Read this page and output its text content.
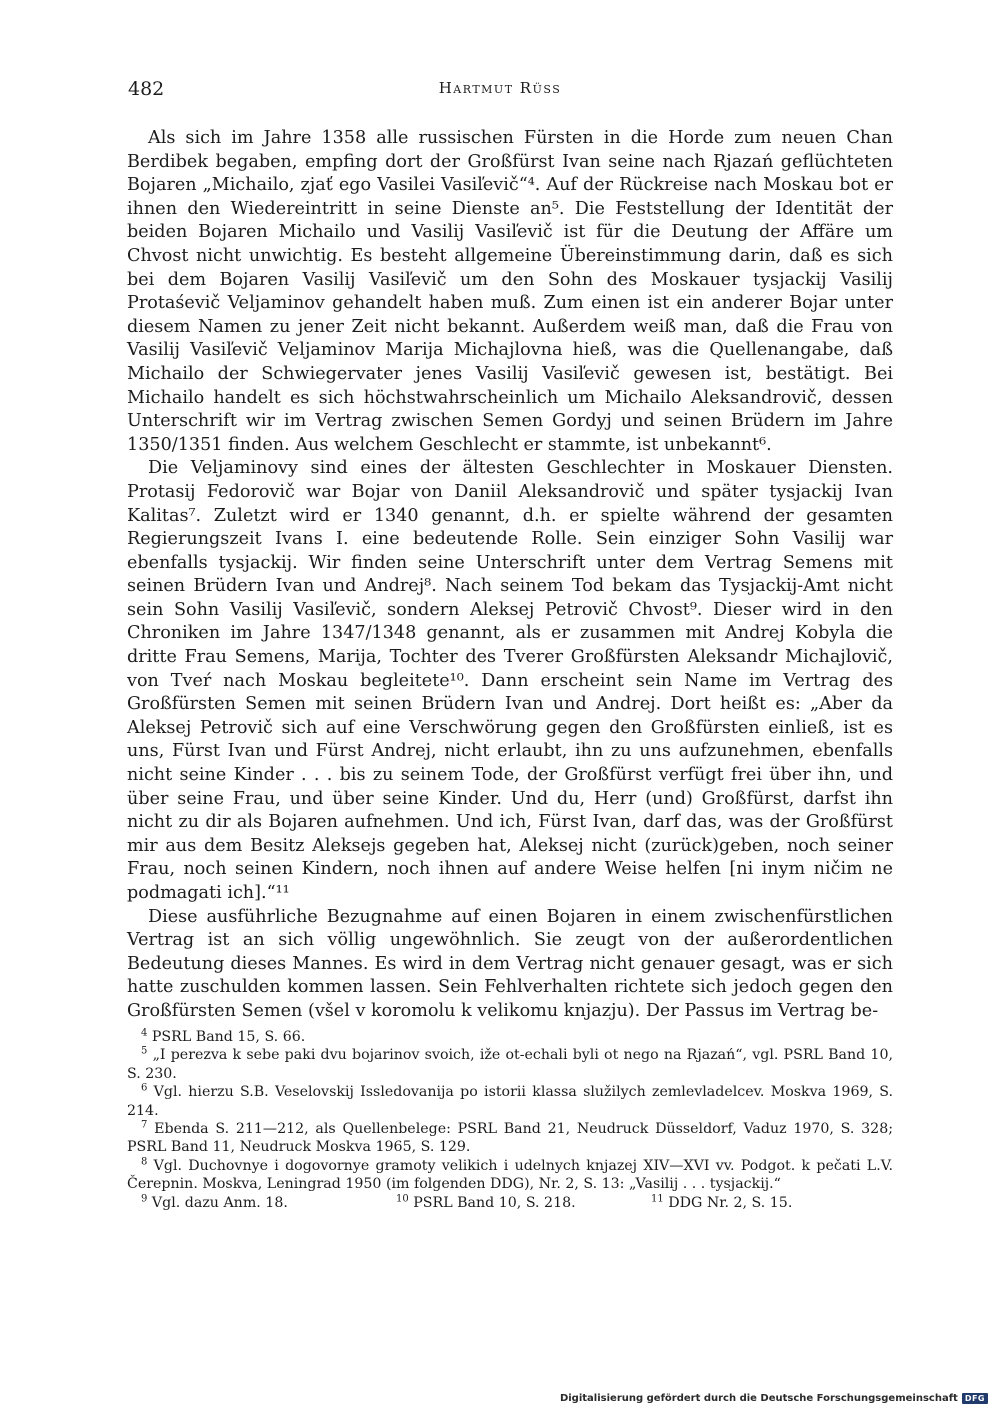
482	Hartmut Rüss

Als sich im Jahre 1358 alle russischen Fürsten in die Horde zum neuen Chan Berdibek begaben, empfing dort der Großfürst Ivan seine nach Rjazań geflüchteten Bojaren „Michailo, zjať ego Vasilei Vasiľevič“⁴. Auf der Rückreise nach Moskau bot er ihnen den Wiedereintritt in seine Dienste an⁵. Die Feststellung der Identität der beiden Bojaren Michailo und Vasilij Vasiľevič ist für die Deutung der Affäre um Chvost nicht unwichtig. Es besteht allgemeine Übereinstimmung darin, daß es sich bei dem Bojaren Vasilij Vasiľevič um den Sohn des Moskauer tysjackij Vasilij Protaśevič Veljaminov gehandelt haben muß. Zum einen ist ein anderer Bojar unter diesem Namen zu jener Zeit nicht bekannt. Außerdem weiß man, daß die Frau von Vasilij Vasiľevič Veljaminov Marija Michajlovna hieß, was die Quellenangabe, daß Michailo der Schwiegervater jenes Vasilij Vasiľevič gewesen ist, bestätigt. Bei Michailo handelt es sich höchstwahrscheinlich um Michailo Aleksandrovič, dessen Unterschrift wir im Vertrag zwischen Semen Gordyj und seinen Brüdern im Jahre 1350/1351 finden. Aus welchem Geschlecht er stammte, ist unbekannt⁶.

Die Veljaminovy sind eines der ältesten Geschlechter in Moskauer Diensten. Protasij Fedorovič war Bojar von Daniil Aleksandrovič und später tysjackij Ivan Kalitas⁷. Zuletzt wird er 1340 genannt, d.h. er spielte während der gesamten Regierungszeit Ivans I. eine bedeutende Rolle. Sein einziger Sohn Vasilij war ebenfalls tysjackij. Wir finden seine Unterschrift unter dem Vertrag Semens mit seinen Brüdern Ivan und Andrej⁸. Nach seinem Tod bekam das Tysjackij-Amt nicht sein Sohn Vasilij Vasiľevič, sondern Aleksej Petrovič Chvost⁹. Dieser wird in den Chroniken im Jahre 1347/1348 genannt, als er zusammen mit Andrej Kobyla die dritte Frau Semens, Marija, Tochter des Tverer Großfürsten Aleksandr Michajlovič, von Tveŕ nach Moskau begleitete¹⁰. Dann erscheint sein Name im Vertrag des Großfürsten Semen mit seinen Brüdern Ivan und Andrej. Dort heißt es: „Aber da Aleksej Petrovič sich auf eine Verschwörung gegen den Großfürsten einließ, ist es uns, Fürst Ivan und Fürst Andrej, nicht erlaubt, ihn zu uns aufzunehmen, ebenfalls nicht seine Kinder . . . bis zu seinem Tode, der Großfürst verfügt frei über ihn, und über seine Frau, und über seine Kinder. Und du, Herr (und) Großfürst, darfst ihn nicht zu dir als Bojaren aufnehmen. Und ich, Fürst Ivan, darf das, was der Großfürst mir aus dem Besitz Aleksejs gegeben hat, Aleksej nicht (zurück)geben, noch seiner Frau, noch seinen Kindern, noch ihnen auf andere Weise helfen [ni inym ničim ne podmagati ich].“¹¹

Diese ausführliche Bezugnahme auf einen Bojaren in einem zwischenfürstlichen Vertrag ist an sich völlig ungewöhnlich. Sie zeugt von der außerordentlichen Bedeutung dieses Mannes. Es wird in dem Vertrag nicht genauer gesagt, was er sich hatte zuschulden kommen lassen. Sein Fehlverhalten richtete sich jedoch gegen den Großfürsten Semen (všel v koromolu k velikomu knjazju). Der Passus im Vertrag be-

$^4$ PSRL Band 15, S. 66.

$^5$ „I perezva k sebe paki dvu bojarinov svoich, iže ot-echali byli ot nego na Rjazań“, vgl. PSRL Band 10, S. 230.

$^6$ Vgl. hierzu S.B. Veselovskij Issledovanija po istorii klassa služilych zemlevladelcev. Moskva 1969, S. 214.

$^7$ Ebenda S. 211—212, als Quellenbelege: PSRL Band 21, Neudruck Düsseldorf, Vaduz 1970, S. 328; PSRL Band 11, Neudruck Moskva 1965, S. 129.

$^8$ Vgl. Duchovnye i dogovornye gramoty velikich i udelnych knjazej XIV—XVI vv. Podgot. k pečati L.V. Čerepnin. Moskva, Leningrad 1950 (im folgenden DDG), Nr. 2, S. 13: „Vasilij . . . tysjackij.“

$^9$ Vgl. dazu Anm. 18.	$^{10}$ PSRL Band 10, S. 218.	$^{11}$ DDG Nr. 2, S. 15.
Digitalisierung gefördert durch die Deutsche Forschungsgemeinschaft DFG
